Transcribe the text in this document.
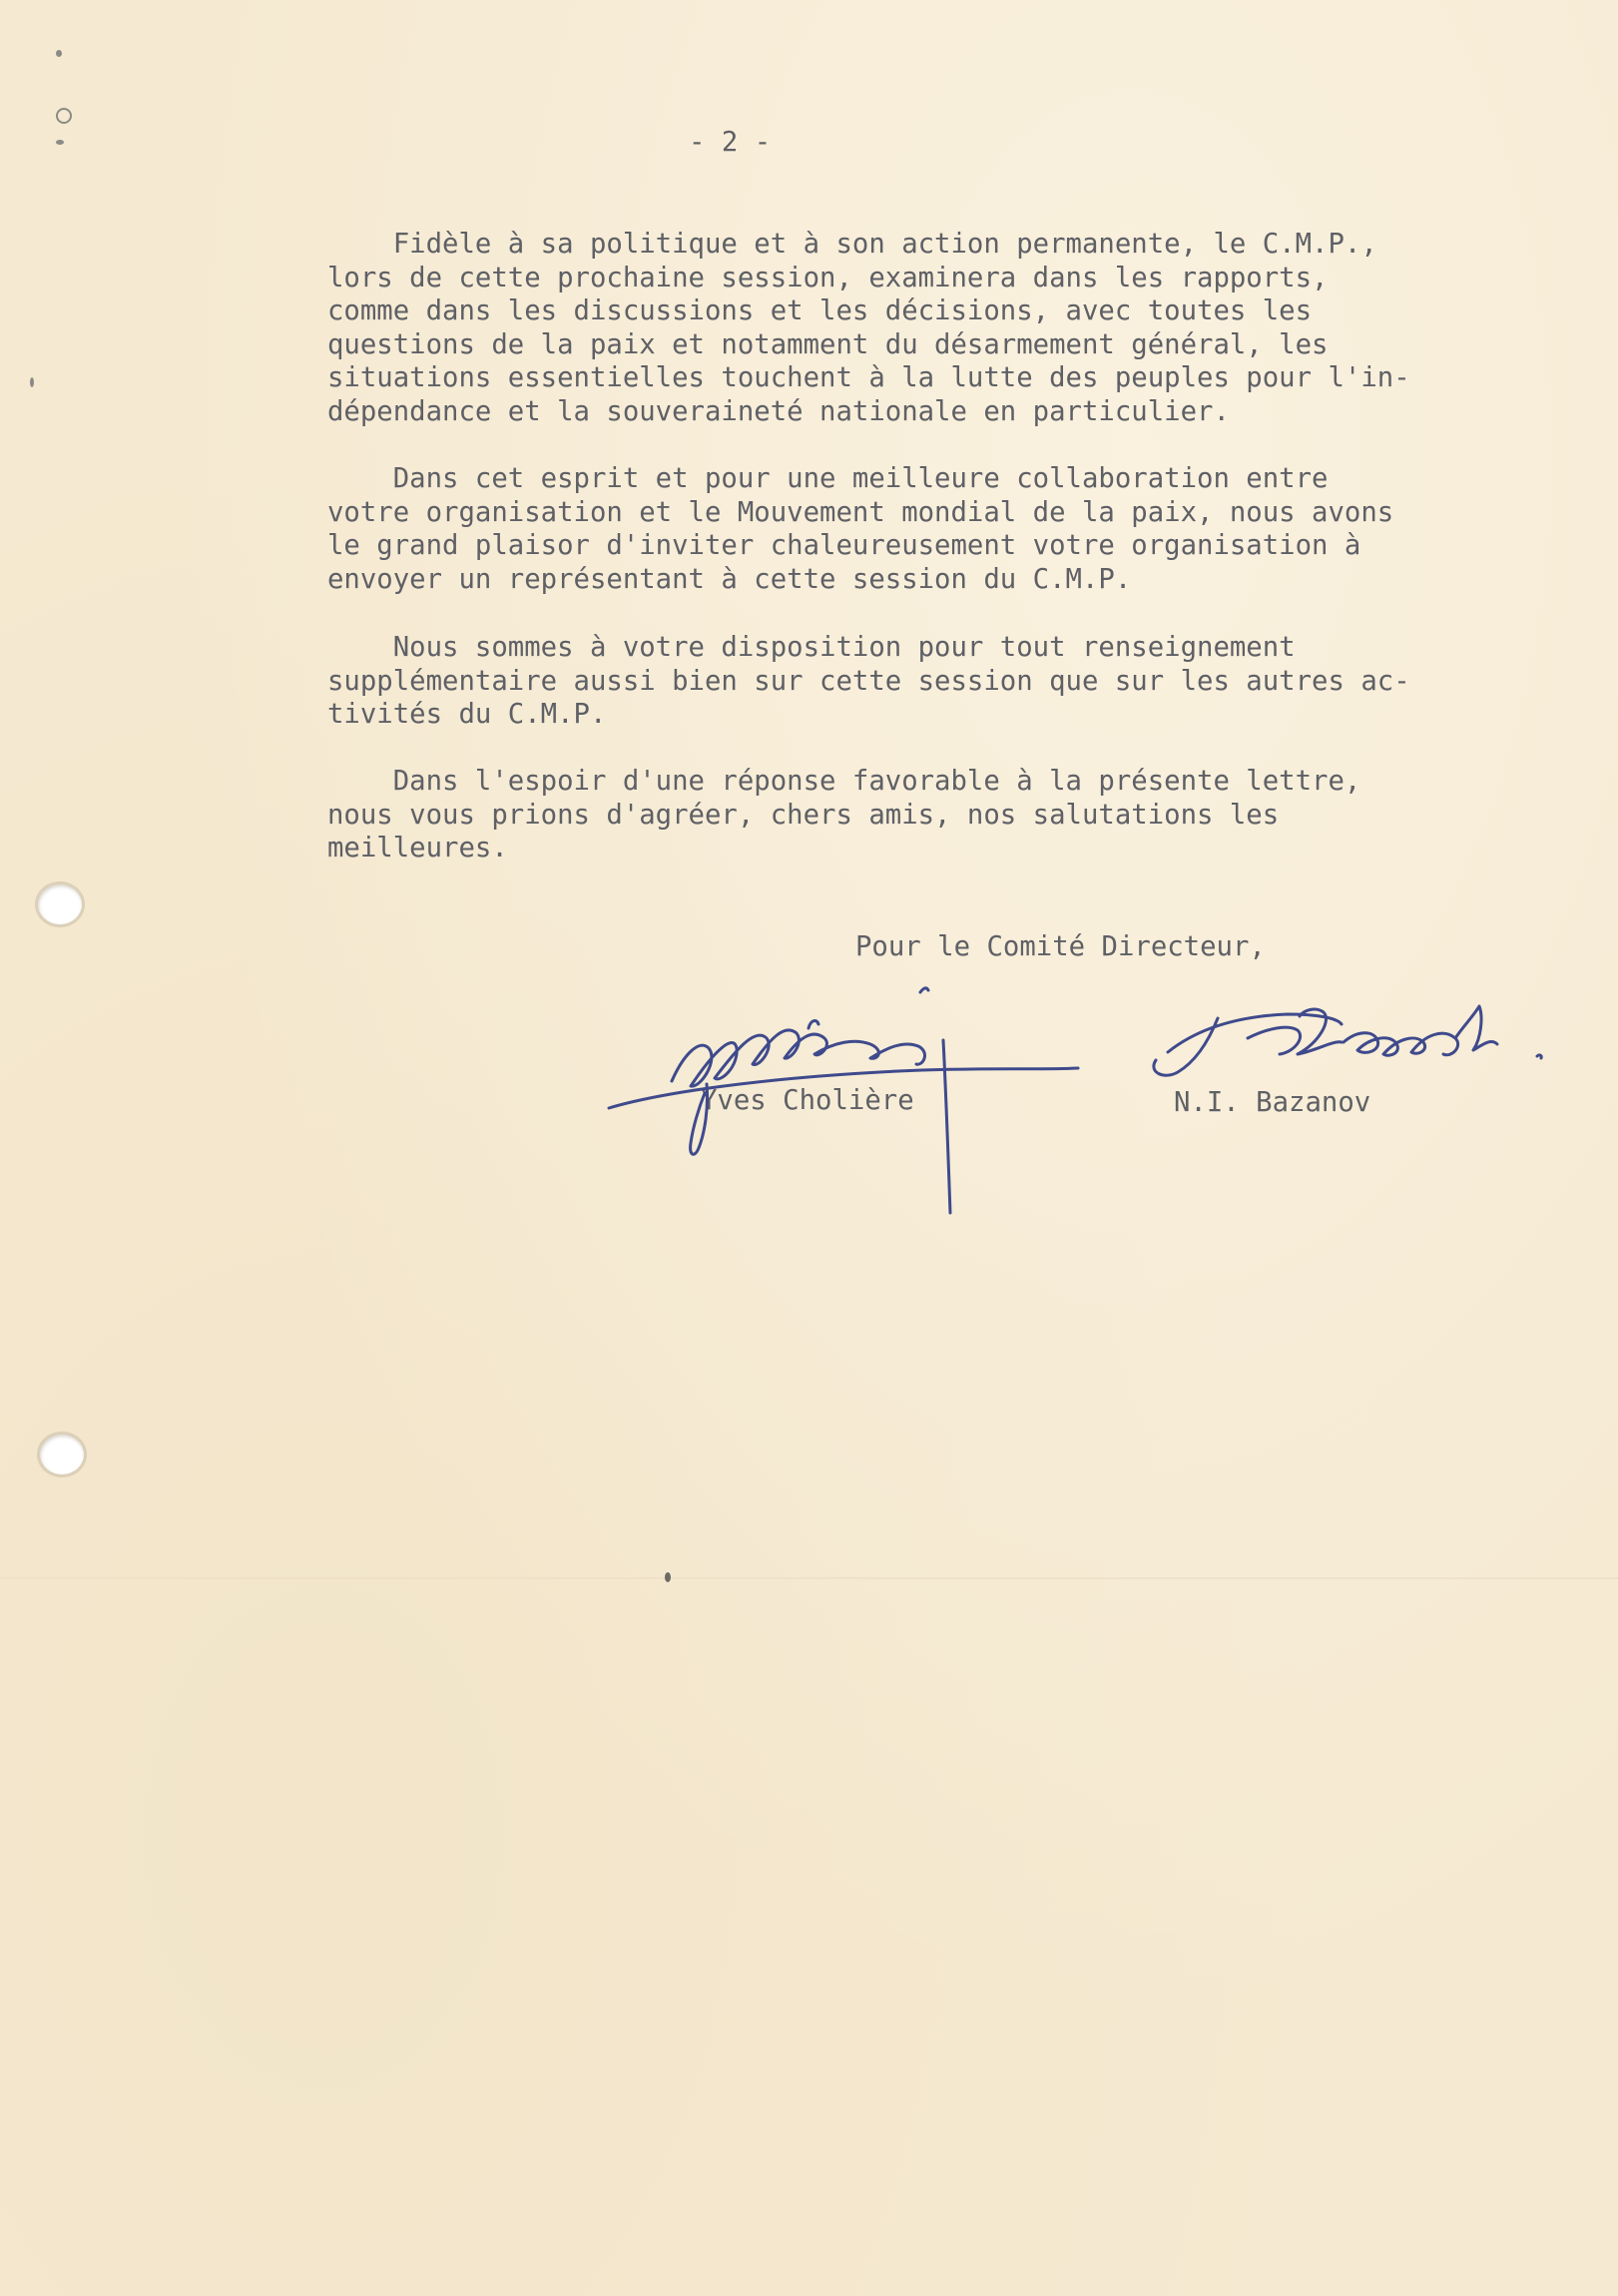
- 2 -
Fidèle à sa politique et à son action permanente, le C.M.P.,
lors de cette prochaine session, examinera dans les rapports,
comme dans les discussions et les décisions, avec toutes les
questions de la paix et notamment du désarmement général, les
situations essentielles touchent à la lutte des peuples pour l'in-
dépendance et la souveraineté nationale en particulier.
Dans cet esprit et pour une meilleure collaboration entre
votre organisation et le Mouvement mondial de la paix, nous avons
le grand plaisor d'inviter chaleureusement votre organisation à
envoyer un représentant à cette session du C.M.P.
Nous sommes à votre disposition pour tout renseignement
supplémentaire aussi bien sur cette session que sur les autres ac-
tivités du C.M.P.
Dans l'espoir d'une réponse favorable à la présente lettre,
nous vous prions d'agréer, chers amis, nos salutations les
meilleures.
Pour le Comité Directeur,
Yves Cholière	N.I. Bazanov
